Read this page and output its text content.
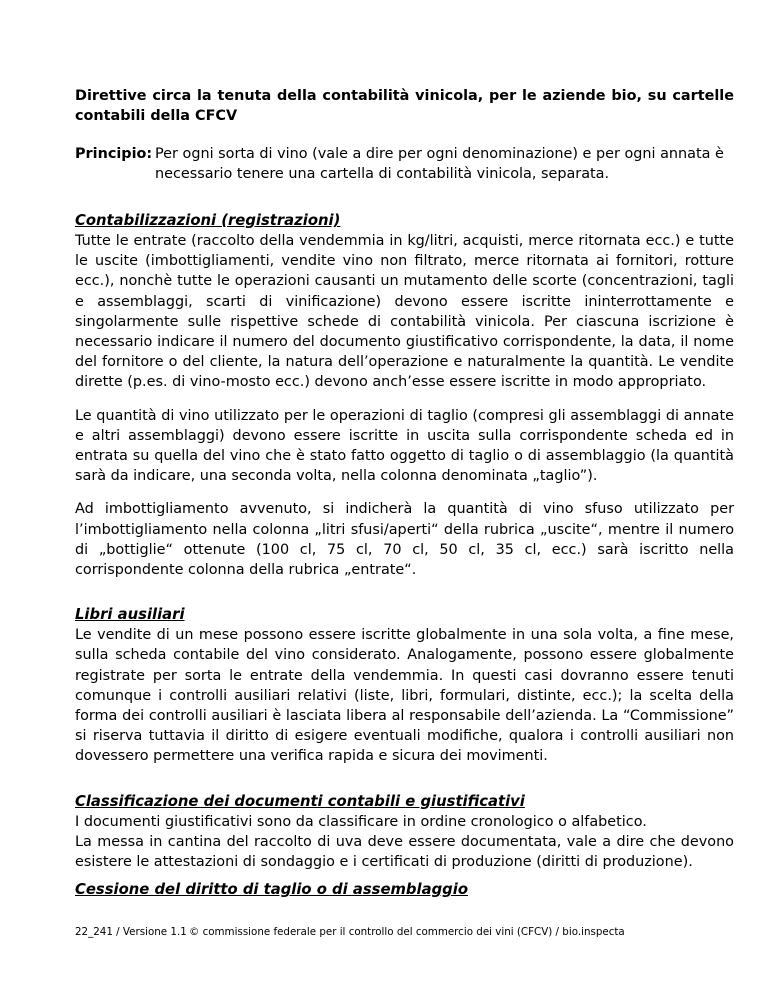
Direttive circa la tenuta della contabilità vinicola, per le aziende bio, su cartelle contabili della CFCV

Principio: Per ogni sorta di vino (vale a dire per ogni denominazione) e per ogni annata è necessario tenere una cartella di contabilità vinicola, separata.
Contabilizzazioni (registrazioni)

Tutte le entrate (raccolto della vendemmia in kg/litri, acquisti, merce ritornata ecc.) e tutte le uscite (imbottigliamenti, vendite vino non filtrato, merce ritornata ai fornitori, rotture ecc.), nonchè tutte le operazioni causanti un mutamento delle scorte (concentrazioni, tagli e assemblaggi, scarti di vinificazione) devono essere iscritte ininterrottamente e singolarmente sulle rispettive schede di contabilità vinicola. Per ciascuna iscrizione è necessario indicare il numero del documento giustificativo corrispondente, la data, il nome del fornitore o del cliente, la natura dell’operazione e naturalmente la quantità. Le vendite dirette (p.es. di vino-mosto ecc.) devono anch’esse essere iscritte in modo appropriato.

Le quantità di vino utilizzato per le operazioni di taglio (compresi gli assemblaggi di annate e altri assemblaggi) devono essere iscritte in uscita sulla corrispondente scheda ed in entrata su quella del vino che è stato fatto oggetto di taglio o di assemblaggio (la quantità sarà da indicare, una seconda volta, nella colonna denominata „taglio”).

Ad imbottigliamento avvenuto, si indicherà la quantità di vino sfuso utilizzato per l’imbottigliamento nella colonna „litri sfusi/aperti“ della rubrica „uscite“, mentre il numero di „bottiglie“ ottenute (100 cl, 75 cl, 70 cl, 50 cl, 35 cl, ecc.) sarà iscritto nella corrispondente colonna della rubrica „entrate“.

Libri ausiliari

Le vendite di un mese possono essere iscritte globalmente in una sola volta, a fine mese, sulla scheda contabile del vino considerato. Analogamente, possono essere globalmente registrate per sorta le entrate della vendemmia. In questi casi dovranno essere tenuti comunque i controlli ausiliari relativi (liste, libri, formulari, distinte, ecc.); la scelta della forma dei controlli ausiliari è lasciata libera al responsabile dell’azienda. La “Commissione” si riserva tuttavia il diritto di esigere eventuali modifiche, qualora i controlli ausiliari non dovessero permettere una verifica rapida e sicura dei movimenti.

Classificazione dei documenti contabili e giustificativi

I documenti giustificativi sono da classificare in ordine cronologico o alfabetico.

La messa in cantina del raccolto di uva deve essere documentata, vale a dire che devono esistere le attestazioni di sondaggio e i certificati di produzione (diritti di produzione).

Cessione del diritto di taglio o di assemblaggio
22_241 / Versione 1.1 © commissione federale per il controllo del commercio dei vini (CFCV) / bio.inspecta
